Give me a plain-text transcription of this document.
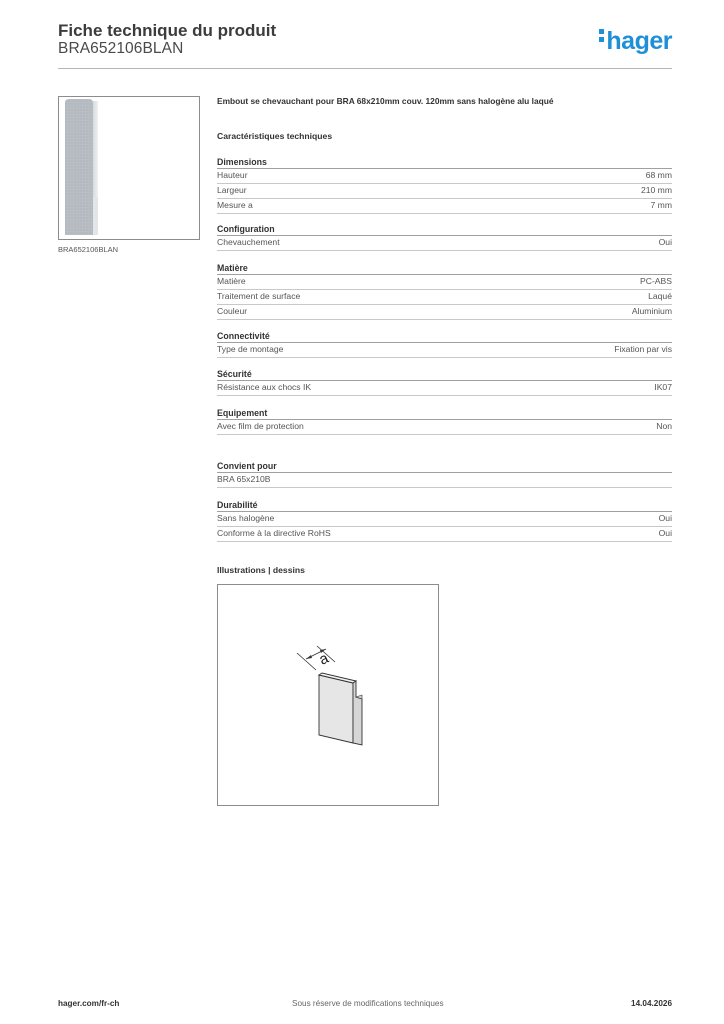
Fiche technique du produit
BRA652106BLAN	hager
BRA652106BLAN
Embout se chevauchant pour BRA 68x210mm couv. 120mm sans halogène alu laqué
Caractéristiques techniques
Dimensions
Hauteur	68 mm
Largeur	210 mm
Mesure a	7 mm
Configuration
Chevauchement	Oui
Matière
Matière	PC-ABS
Traitement de surface	Laqué
Couleur	Aluminium
Connectivité
Type de montage	Fixation par vis
Sécurité
Résistance aux chocs IK	IK07
Equipement
Avec film de protection	Non
Convient pour
BRA 65x210B
Durabilité
Sans halogène	Oui
Conforme à la directive RoHS	Oui
Illustrations | dessins
a
hager.com/fr-ch	Sous réserve de modifications techniques	14.04.2026
